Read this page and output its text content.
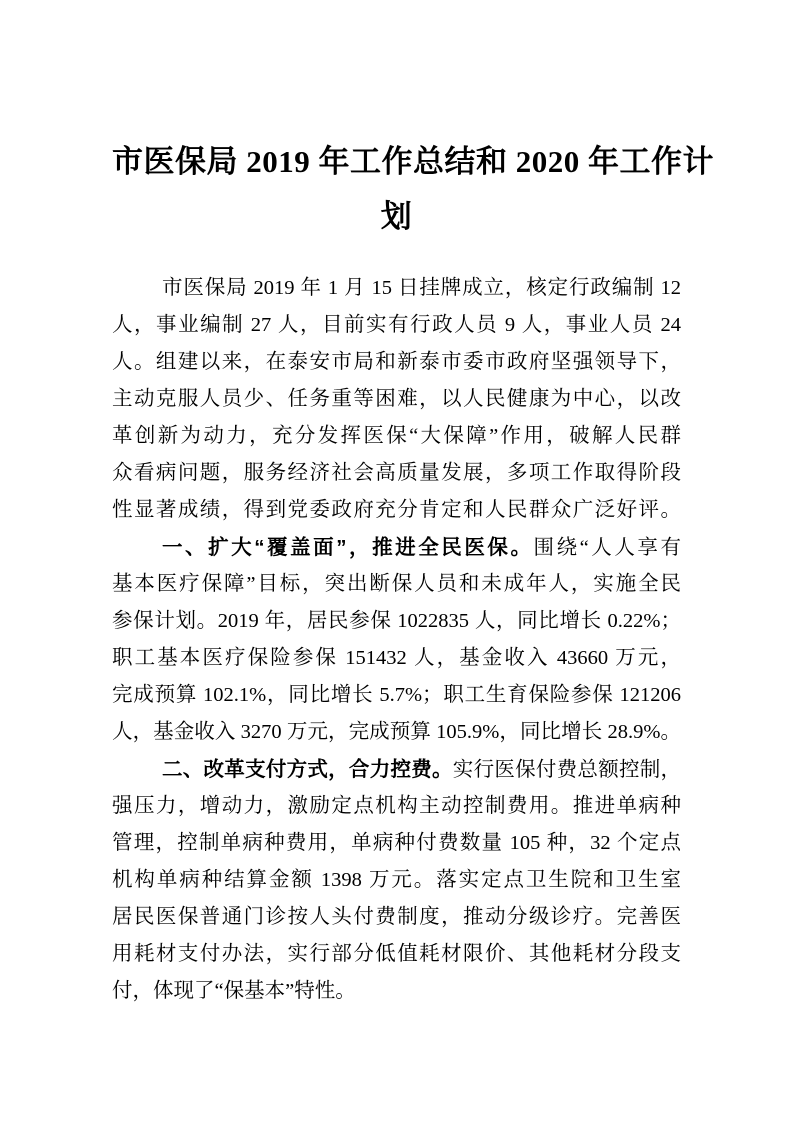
市医保局 2019 年工作总结和 2020 年工作计
划
市医保局 2019 年 1 月 15 日挂牌成立，核定行政编制 12
人，事业编制 27 人，目前实有行政人员 9 人，事业人员 24
人。组建以来，在泰安市局和新泰市委市政府坚强领导下，
主动克服人员少、任务重等困难，以人民健康为中心，以改
革创新为动力，充分发挥医保“大保障”作用，破解人民群
众看病问题，服务经济社会高质量发展，多项工作取得阶段
性显著成绩，得到党委政府充分肯定和人民群众广泛好评。
一、扩大“覆盖面”，推进全民医保。围绕“人人享有
基本医疗保障”目标，突出断保人员和未成年人，实施全民
参保计划。2019 年，居民参保 1022835 人，同比增长 0.22%；
职工基本医疗保险参保 151432 人，基金收入 43660 万元，
完成预算 102.1%，同比增长 5.7%；职工生育保险参保 121206
人，基金收入 3270 万元，完成预算 105.9%，同比增长 28.9%。
二、改革支付方式，合力控费。实行医保付费总额控制，
强压力，增动力，激励定点机构主动控制费用。推进单病种
管理，控制单病种费用，单病种付费数量 105 种，32 个定点
机构单病种结算金额 1398 万元。落实定点卫生院和卫生室
居民医保普通门诊按人头付费制度，推动分级诊疗。完善医
用耗材支付办法，实行部分低值耗材限价、其他耗材分段支
付，体现了“保基本”特性。
